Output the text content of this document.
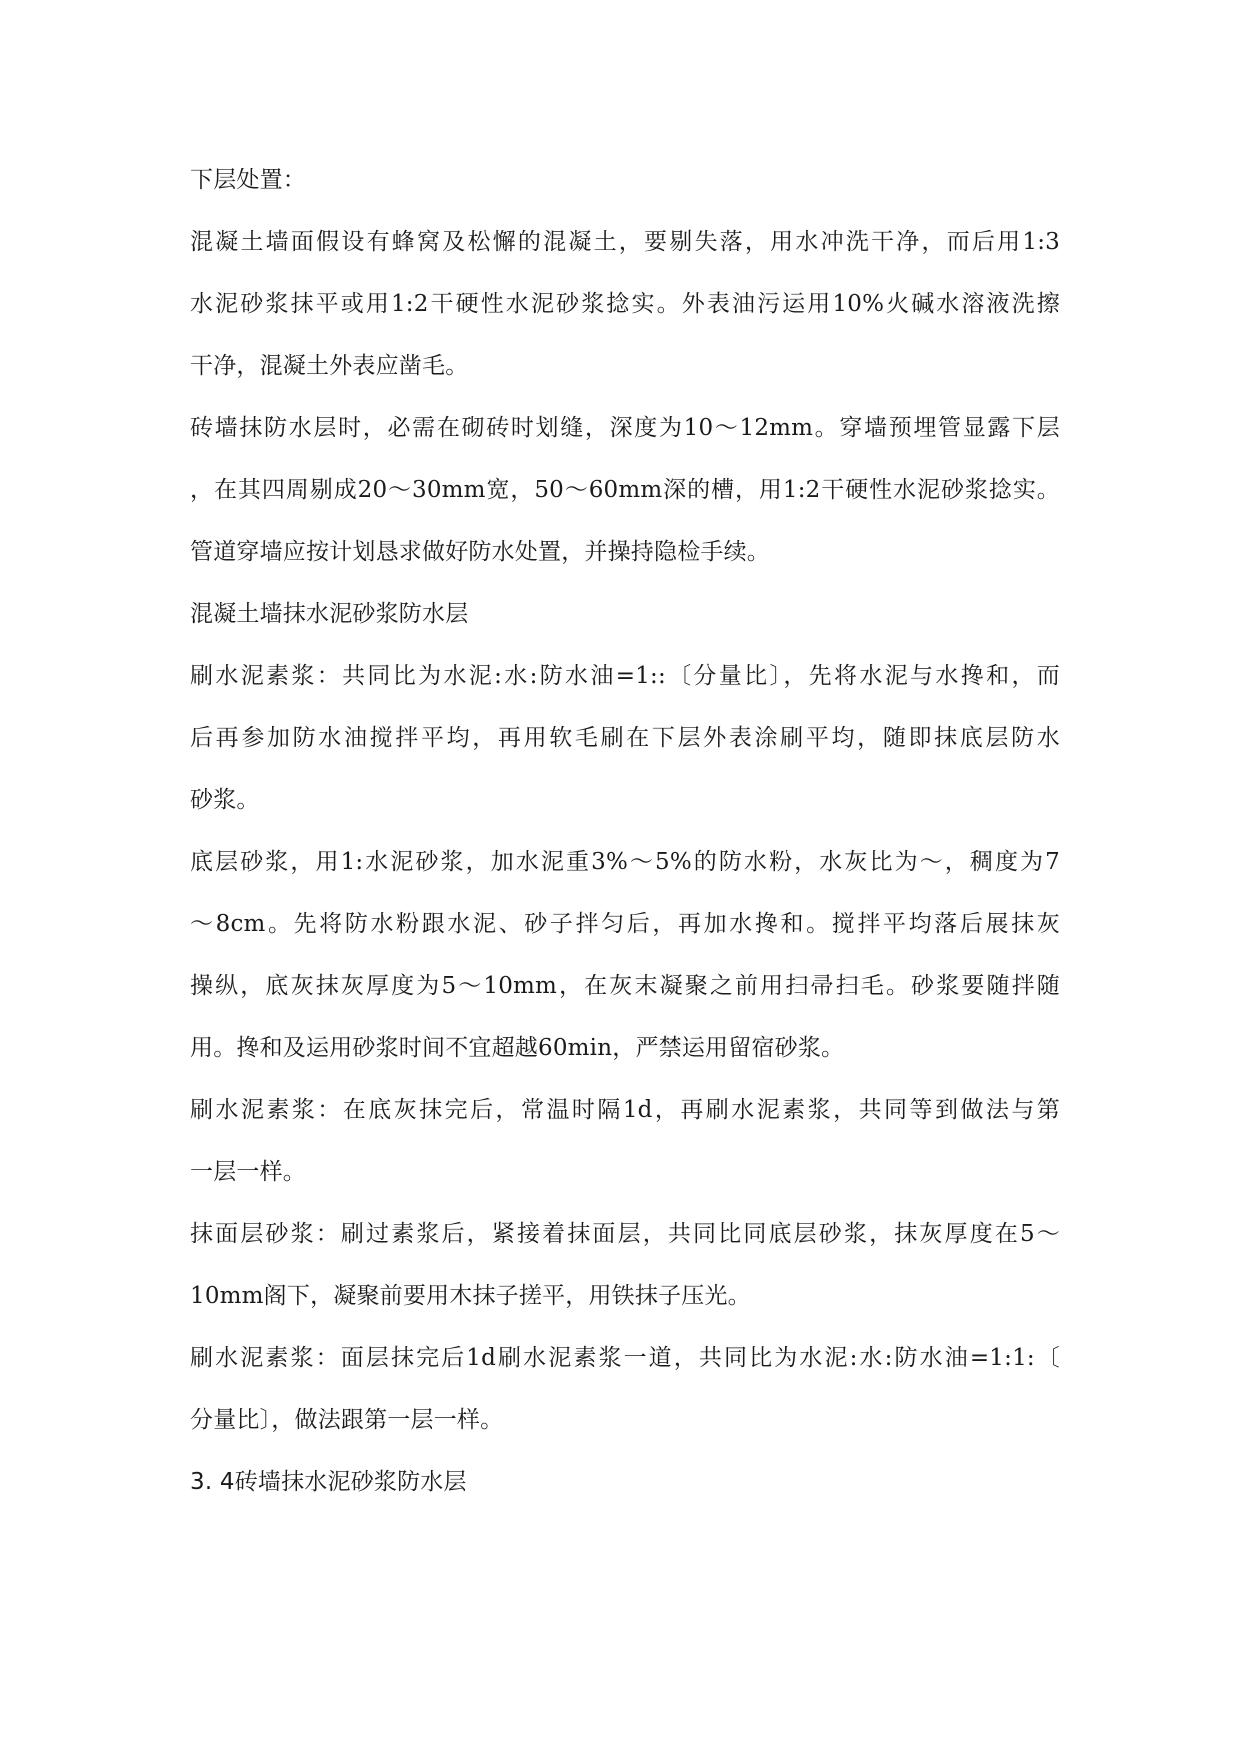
下层处置：
混凝土墙面假设有蜂窝及松懈的混凝土，要剔失落，用水冲洗干净，而后用1:3
水泥砂浆抹平或用1:2干硬性水泥砂浆捻实。外表油污运用10%火碱水溶液洗擦
干净，混凝土外表应凿毛。
砖墙抹防水层时，必需在砌砖时划缝，深度为10～12mm。穿墙预埋管显露下层
，在其四周剔成20～30mm宽，50～60mm深的槽，用1:2干硬性水泥砂浆捻实。
管道穿墙应按计划恳求做好防水处置，并操持隐检手续。
混凝土墙抹水泥砂浆防水层
刷水泥素浆：共同比为水泥:水:防水油=1::〔分量比〕，先将水泥与水搀和，而
后再参加防水油搅拌平均，再用软毛刷在下层外表涂刷平均，随即抹底层防水
砂浆。
底层砂浆，用1:水泥砂浆，加水泥重3%～5%的防水粉，水灰比为～，稠度为7
～8cm。先将防水粉跟水泥、砂子拌匀后，再加水搀和。搅拌平均落后展抹灰
操纵，底灰抹灰厚度为5～10mm，在灰末凝聚之前用扫帚扫毛。砂浆要随拌随
用。搀和及运用砂浆时间不宜超越60min，严禁运用留宿砂浆。
刷水泥素浆：在底灰抹完后，常温时隔1d，再刷水泥素浆，共同等到做法与第
一层一样。
抹面层砂浆：刷过素浆后，紧接着抹面层，共同比同底层砂浆，抹灰厚度在5～
10mm阁下，凝聚前要用木抹子搓平，用铁抹子压光。
刷水泥素浆：面层抹完后1d刷水泥素浆一道，共同比为水泥:水:防水油=1:1:〔
分量比〕，做法跟第一层一样。
3. 4砖墙抹水泥砂浆防水层
